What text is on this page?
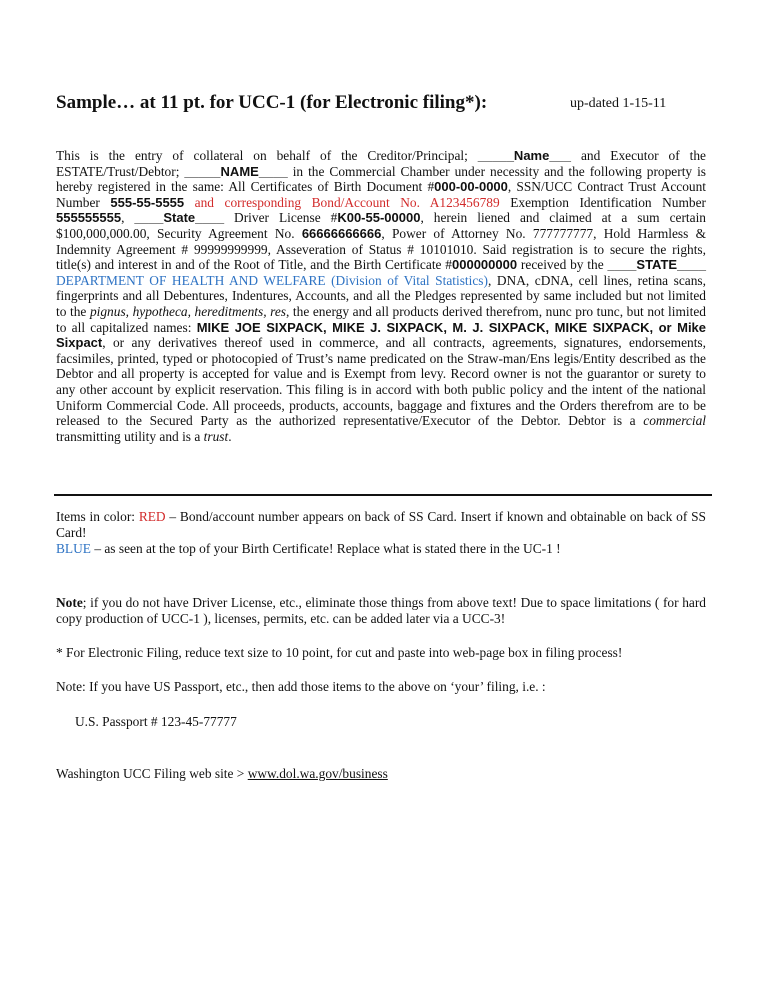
Sample… at 11 pt. for UCC-1 (for Electronic filing*):	up-dated 1-15-11
This is the entry of collateral on behalf of the Creditor/Principal; _____Name___ and Executor of the ESTATE/Trust/Debtor; _____NAME____ in the Commercial Chamber under necessity and the following property is hereby registered in the same: All Certificates of Birth Document #000-00-0000, SSN/UCC Contract Trust Account Number 555-55-5555 and corresponding Bond/Account No. A123456789 Exemption Identification Number 555555555, ____State____ Driver License #K00-55-00000, herein liened and claimed at a sum certain $100,000,000.00, Security Agreement No. 66666666666, Power of Attorney No. 777777777, Hold Harmless & Indemnity Agreement # 99999999999, Asseveration of Status # 10101010. Said registration is to secure the rights, title(s) and interest in and of the Root of Title, and the Birth Certificate #000000000 received by the ____STATE____ DEPARTMENT OF HEALTH AND WELFARE (Division of Vital Statistics), DNA, cDNA, cell lines, retina scans, fingerprints and all Debentures, Indentures, Accounts, and all the Pledges represented by same included but not limited to the pignus, hypotheca, hereditments, res, the energy and all products derived therefrom, nunc pro tunc, but not limited to all capitalized names: MIKE JOE SIXPACK, MIKE J. SIXPACK, M. J. SIXPACK, MIKE SIXPACK, or Mike Sixpact, or any derivatives thereof used in commerce, and all contracts, agreements, signatures, endorsements, facsimiles, printed, typed or photocopied of Trust’s name predicated on the Straw-man/Ens legis/Entity described as the Debtor and all property is accepted for value and is Exempt from levy. Record owner is not the guarantor or surety to any other account by explicit reservation. This filing is in accord with both public policy and the intent of the national Uniform Commercial Code. All proceeds, products, accounts, baggage and fixtures and the Orders therefrom are to be released to the Secured Party as the authorized representative/Executor of the Debtor. Debtor is a commercial transmitting utility and is a trust.
Items in color: RED – Bond/account number appears on back of SS Card. Insert if known and obtainable on back of SS Card!
BLUE – as seen at the top of your Birth Certificate! Replace what is stated there in the UC-1 !
Note; if you do not have Driver License, etc., eliminate those things from above text! Due to space limitations ( for hard copy production of UCC-1 ), licenses, permits, etc. can be added later via a UCC-3!
* For Electronic Filing, reduce text size to 10 point, for cut and paste into web-page box in filing process!
Note: If you have US Passport, etc., then add those items to the above on ‘your’ filing, i.e. :
U.S. Passport # 123-45-77777
Washington UCC Filing web site > www.dol.wa.gov/business
